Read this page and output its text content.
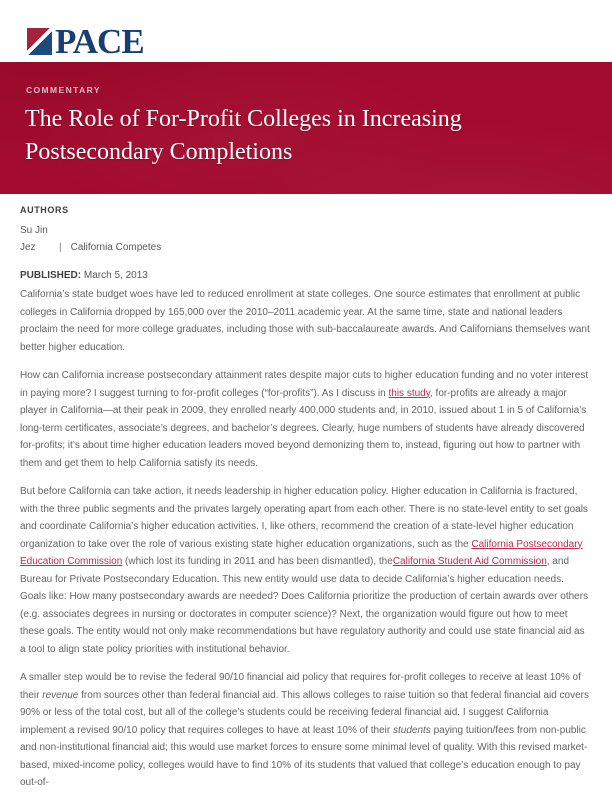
PACE
COMMENTARY
The Role of For-Profit Colleges in Increasing Postsecondary Completions
AUTHORS
Su Jin
Jez	| California Competes
PUBLISHED: March 5, 2013

California’s state budget woes have led to reduced enrollment at state colleges. One source estimates that enrollment at public colleges in California dropped by 165,000 over the 2010–2011 academic year. At the same time, state and national leaders proclaim the need for more college graduates, including those with sub-baccalaureate awards. And Californians themselves want better higher education.

How can California increase postsecondary attainment rates despite major cuts to higher education funding and no voter interest in paying more? I suggest turning to for-profit colleges (“for-profits”). As I discuss in this study, for-profits are already a major player in California—at their peak in 2009, they enrolled nearly 400,000 students and, in 2010, issued about 1 in 5 of California’s long-term certificates, associate’s degrees, and bachelor’s degrees. Clearly, huge numbers of students have already discovered for-profits; it’s about time higher education leaders moved beyond demonizing them to, instead, figuring out how to partner with them and get them to help California satisfy its needs.

But before California can take action, it needs leadership in higher education policy. Higher education in California is fractured, with the three public segments and the privates largely operating apart from each other. There is no state-level entity to set goals and coordinate California’s higher education activities. I, like others, recommend the creation of a state-level higher education organization to take over the role of various existing state higher education organizations, such as the California Postsecondary Education Commission (which lost its funding in 2011 and has been dismantled), theCalifornia Student Aid Commission, and Bureau for Private Postsecondary Education. This new entity would use data to decide California’s higher education needs. Goals like: How many postsecondary awards are needed? Does California prioritize the production of certain awards over others (e.g. associates degrees in nursing or doctorates in computer science)? Next, the organization would figure out how to meet these goals. The entity would not only make recommendations but have regulatory authority and could use state financial aid as a tool to align state policy priorities with institutional behavior.

A smaller step would be to revise the federal 90/10 financial aid policy that requires for-profit colleges to receive at least 10% of their revenue from sources other than federal financial aid. This allows colleges to raise tuition so that federal financial aid covers 90% or less of the total cost, but all of the college’s students could be receiving federal financial aid. I suggest California implement a revised 90/10 policy that requires colleges to have at least 10% of their students paying tuition/fees from non-public and non-institutional financial aid; this would use market forces to ensure some minimal level of quality. With this revised market-based, mixed-income policy, colleges would have to find 10% of its students that valued that college’s education enough to pay out-of-
